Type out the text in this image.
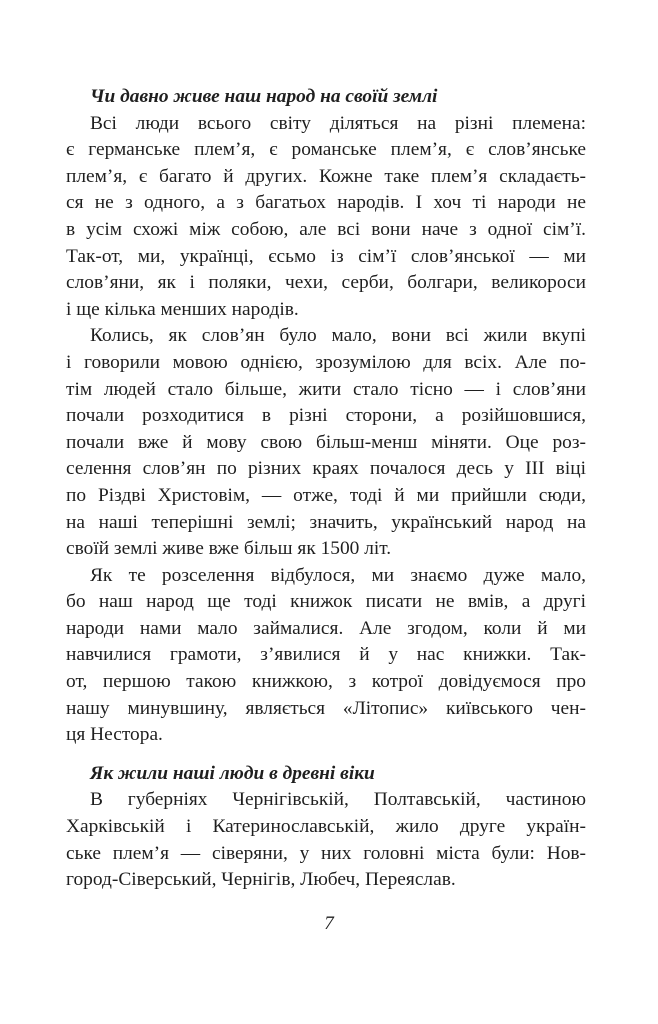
Чи давно живе наш народ на своїй землі

Всі люди всього світу діляться на різні племена:
є германське плем’я, є романське плем’я, є слов’янське
плем’я, є багато й других. Кожне таке плем’я складаєть-
ся не з одного, а з багатьох народів. І хоч ті народи не
в усім схожі між собою, але всі вони наче з одної сім’ї.
Так-от, ми, українці, єсьмо із сім’ї слов’янської — ми
слов’яни, як і поляки, чехи, серби, болгари, великороси
і ще кілька менших народів.

Колись, як слов’ян було мало, вони всі жили вкупі
і говорили мовою однією, зрозумілою для всіх. Але по-
тім людей стало більше, жити стало тісно — і слов’яни
почали розходитися в різні сторони, а розійшовшися,
почали вже й мову свою більш-менш міняти. Оце роз-
селення слов’ян по різних краях почалося десь у ІІІ віці
по Різдві Христовім, — отже, тоді й ми прийшли сюди,
на наші теперішні землі; значить, український народ на
своїй землі живе вже більш як 1500 літ.

Як те розселення відбулося, ми знаємо дуже мало,
бо наш народ ще тоді книжок писати не вмів, а другі
народи нами мало займалися. Але згодом, коли й ми
навчилися грамоти, з’явилися й у нас книжки. Так-
от, першою такою книжкою, з котрої довідуємося про
нашу минувшину, являється «Літопис» київського чен-
ця Нестора.

Як жили наші люди в древні віки

В губерніях Чернігівській, Полтавській, частиною
Харківській і Катеринославській, жило друге україн-
ське плем’я — сіверяни, у них головні міста були: Нов-
город-Сіверський, Чернігів, Любеч, Переяслав.

7
